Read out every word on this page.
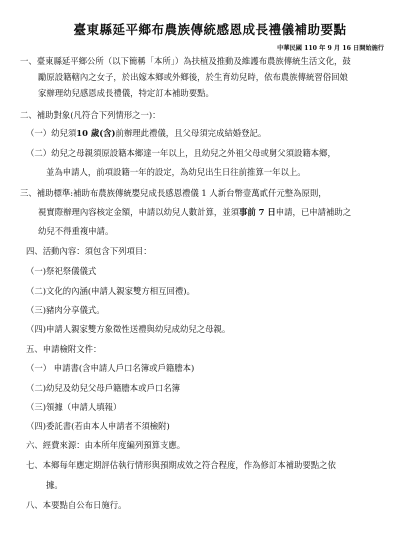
臺東縣延平鄉布農族傳統感恩成長禮儀補助要點
中華民國 110 年 9 月 16 日開始施行
一、臺東縣延平鄉公所（以下簡稱「本所」）為扶植及推動及維護布農族傳統生活文化，鼓
勵原設籍轄內之女子，於出嫁本鄉或外鄉後，於生育幼兒時，依布農族傳統習俗回娘
家辦理幼兒感恩成長禮儀，特定訂本補助要點。
二、補助對象(凡符合下列情形之一)：
（一）幼兒須10 歲(含)前辦理此禮儀，且父母須完成結婚登記。
（二）幼兒之母親須原設籍本鄉達一年以上，且幼兒之外祖父母或舅父須設籍本鄉，
並為申請人，前項設籍一年的設定，為幼兒出生日往前推算一年以上。
三、補助標準:補助布農族傳統嬰兒成長感恩禮儀 1 人新台幣壹萬貳仟元整為原則，
視實際辦理內容核定金額，申請以幼兒人數計算，並須事前 7 日申請，已申請補助之
幼兒不得重複申請。
四、活動內容：須包含下列項目：
（一)祭祀祭儀儀式
（二)文化的內涵(申請人親家雙方相互回禮)。
（三)豬肉分享儀式。
（四)申請人親家雙方象徵性送禮與幼兒成幼兒之母親。
五、申請檢附文件：
（一） 申請書(含申請人戶口名簿或戶籍謄本)
（二)幼兒及幼兒父母戶籍謄本或戶口名簿
（三)領據（申請人填報）
（四)委託書(若由本人申請者不須檢附)
六、經費來源：由本所年度編列預算支應。
七、本鄉每年應定期評估執行情形與預期成效之符合程度，作為修訂本補助要點之依
據。
八、本要點自公布日施行。
